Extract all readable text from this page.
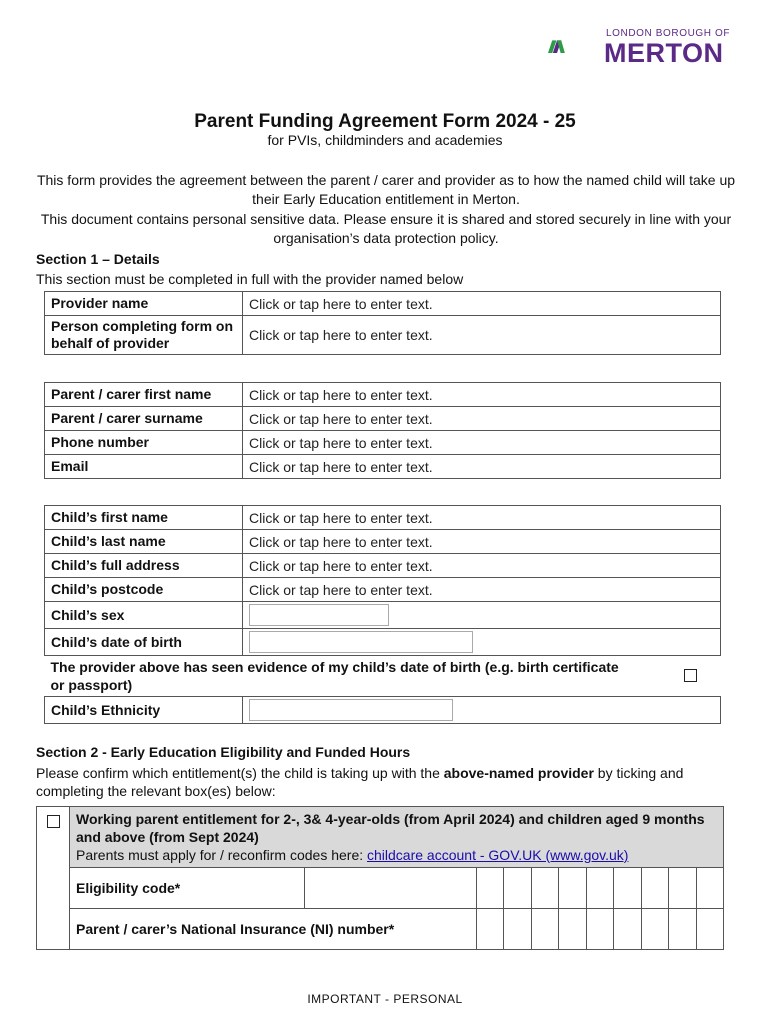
LONDON BOROUGH OF
MERTON
Parent Funding Agreement Form 2024 - 25
for PVIs, childminders and academies
This form provides the agreement between the parent / carer and provider as to how the named child will take up their Early Education entitlement in Merton.
This document contains personal sensitive data. Please ensure it is shared and stored securely in line with your organisation’s data protection policy.
Section 1 – Details
This section must be completed in full with the provider named below
Provider name	Click or tap here to enter text.
Person completing form on behalf of provider	Click or tap here to enter text.
Parent / carer first name	Click or tap here to enter text.
Parent / carer surname	Click or tap here to enter text.
Phone number	Click or tap here to enter text.
Email	Click or tap here to enter text.
Child’s first name	Click or tap here to enter text.
Child’s last name	Click or tap here to enter text.
Child’s full address	Click or tap here to enter text.
Child’s postcode	Click or tap here to enter text.
Child’s sex	
Child’s date of birth	
The provider above has seen evidence of my child’s date of birth (e.g. birth certificate or passport)	

Child’s Ethnicity	
Section 2 - Early Education Eligibility and Funded Hours
Please confirm which entitlement(s) the child is taking up with the above-named provider by ticking and completing the relevant box(es) below:

	Working parent entitlement for 2-, 3& 4-year-olds (from April 2024) and children aged 9 months and above (from Sept 2024)
Parents must apply for / reconfirm codes here: childcare account - GOV.UK (www.gov.uk)										

	Eligibility code*										
	Parent / carer’s National Insurance (NI) number*										
IMPORTANT - PERSONAL
